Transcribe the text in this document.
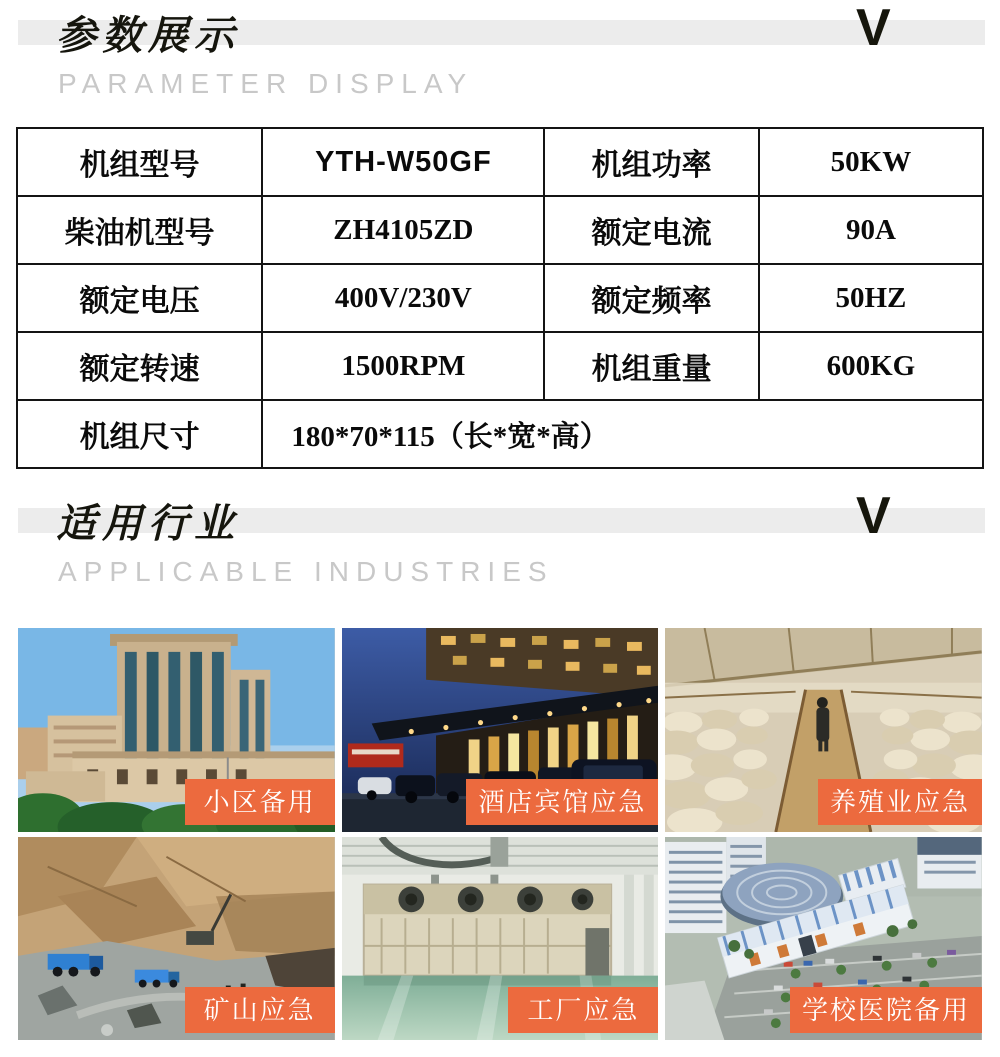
参数展示
PARAMETER DISPLAY
V
机组型号	YTH-W50GF	机组功率	50KW
柴油机型号	ZH4105ZD	额定电流	90A
额定电压	400V/230V	额定频率	50HZ
额定转速	1500RPM	机组重量	600KG
机组尺寸	180*70*115（长*宽*高）		
适用行业
APPLICABLE INDUSTRIES
V
小区备用	酒店宾馆应急	养殖业应急
矿山应急	工厂应急	学校医院备用
